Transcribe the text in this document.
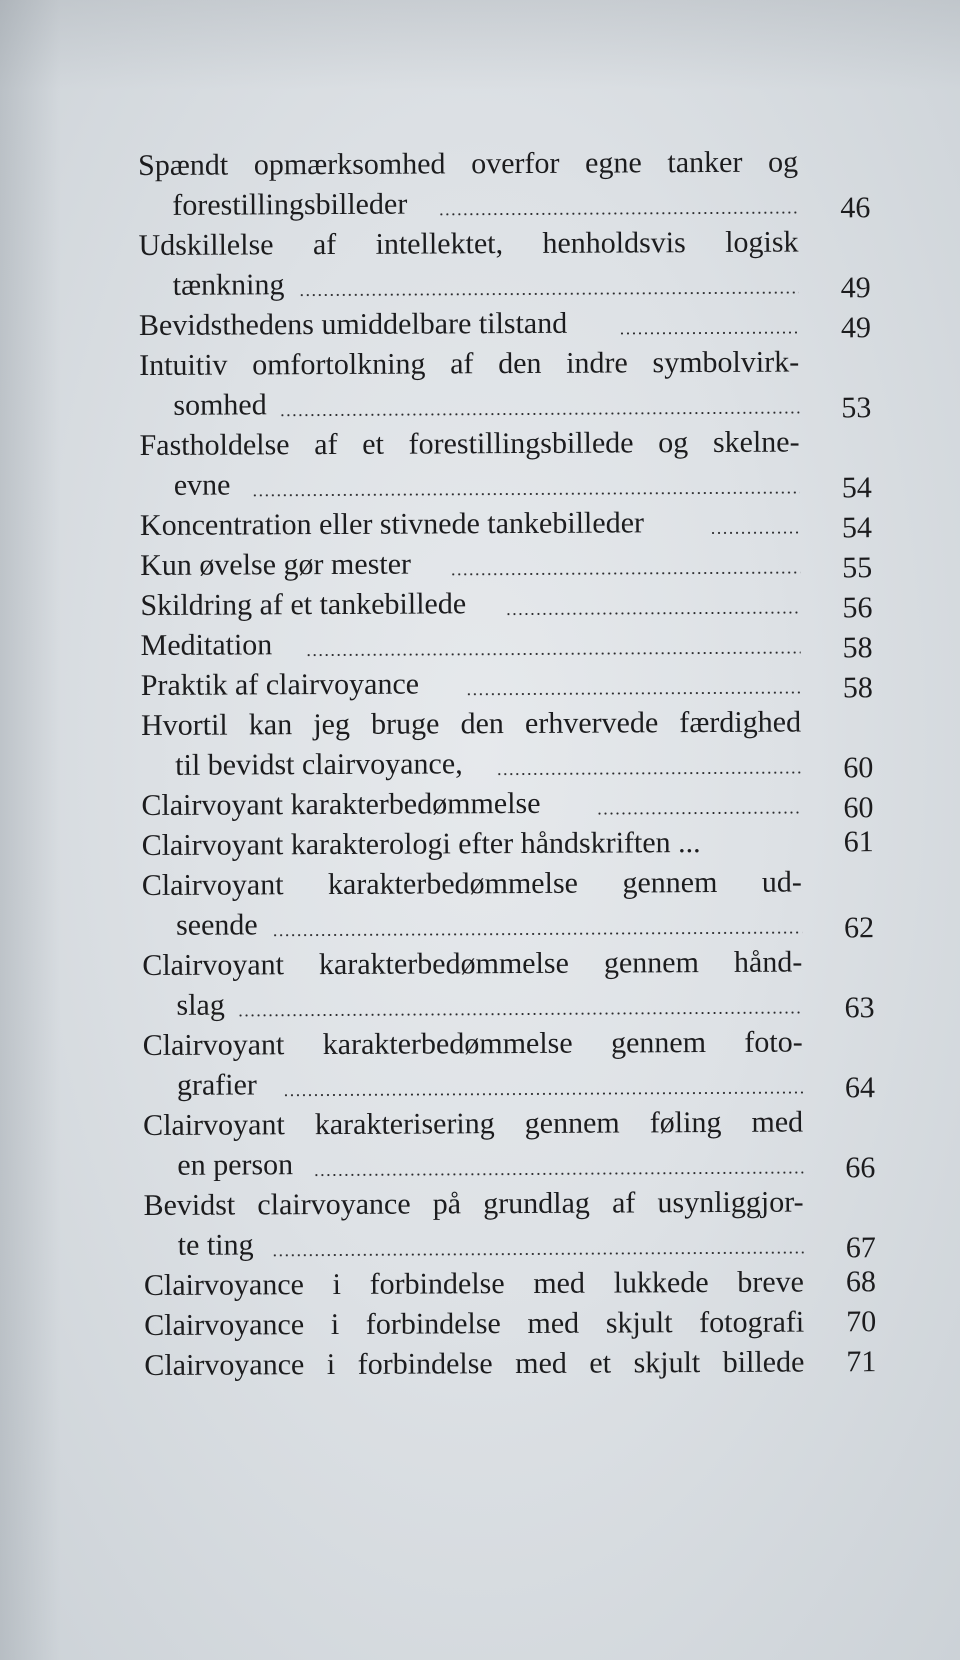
Spændt opmærksomhed overfor egne tanker og
forestillingsbilleder	46
Udskillelse af intellektet, henholdsvis logisk
tænkning	49
Bevidsthedens umiddelbare tilstand	49
Intuitiv omfortolkning af den indre symbolvirk-
somhed	53
Fastholdelse af et forestillingsbillede og skelne-
evne	54
Koncentration eller stivnede tankebilleder	54
Kun øvelse gør mester	55
Skildring af et tankebillede	56
Meditation	58
Praktik af clairvoyance	58
Hvortil kan jeg bruge den erhvervede færdighed
til bevidst clairvoyance,	60
Clairvoyant karakterbedømmelse	60
Clairvoyant karakterologi efter håndskriften ...	61
Clairvoyant karakterbedømmelse gennem ud-
seende	62
Clairvoyant karakterbedømmelse gennem hånd-
slag	63
Clairvoyant karakterbedømmelse gennem foto-
grafier	64
Clairvoyant karakterisering gennem føling med
en person	66
Bevidst clairvoyance på grundlag af usynliggjor-
te ting	67
Clairvoyance i forbindelse med lukkede breve	68
Clairvoyance i forbindelse med skjult fotografi	70
Clairvoyance i forbindelse med et skjult billede	71
